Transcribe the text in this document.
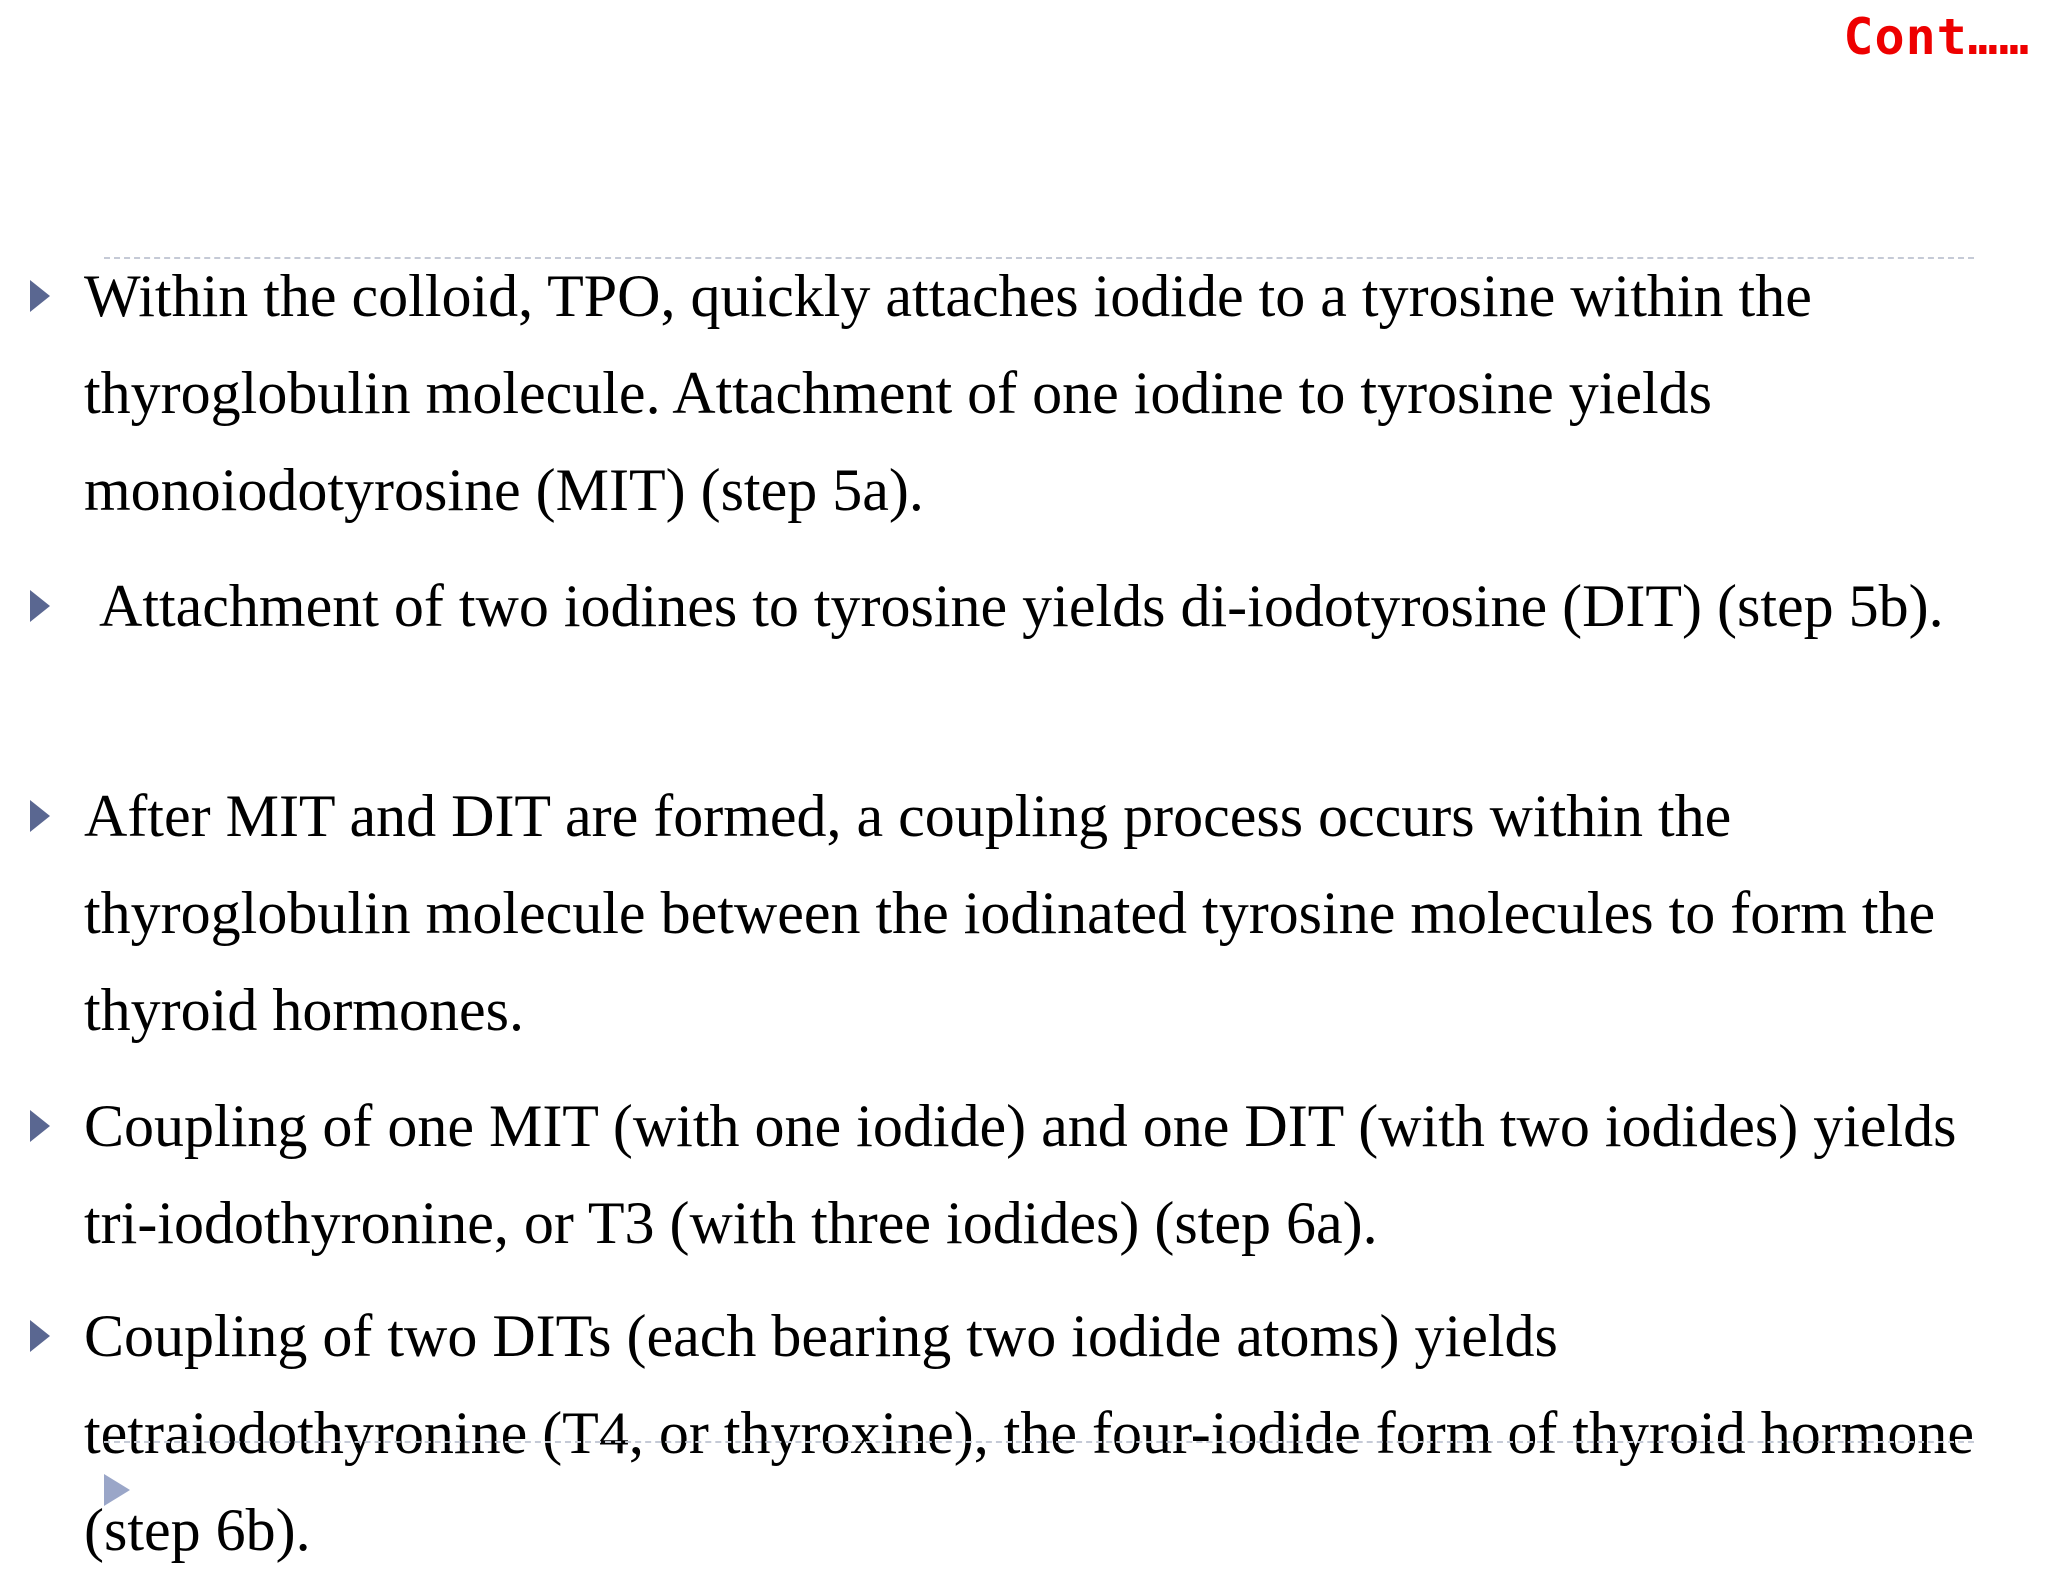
Cont……
Within the colloid, TPO, quickly attaches iodide to a tyrosine within the thyroglobulin molecule. Attachment of one iodine to tyrosine yields monoiodotyrosine (MIT) (step 5a).
Attachment of two iodines to tyrosine yields di-iodotyrosine (DIT) (step 5b).
After MIT and DIT are formed, a coupling process occurs within the thyroglobulin molecule between the iodinated tyrosine molecules to form the thyroid hormones.
Coupling of one MIT (with one iodide) and one DIT (with two iodides) yields tri-iodothyronine, or T3 (with three iodides) (step 6a).
Coupling of two DITs (each bearing two iodide atoms) yields tetraiodothyronine (T4, or thyroxine), the four-iodide form of thyroid hormone (step 6b).
